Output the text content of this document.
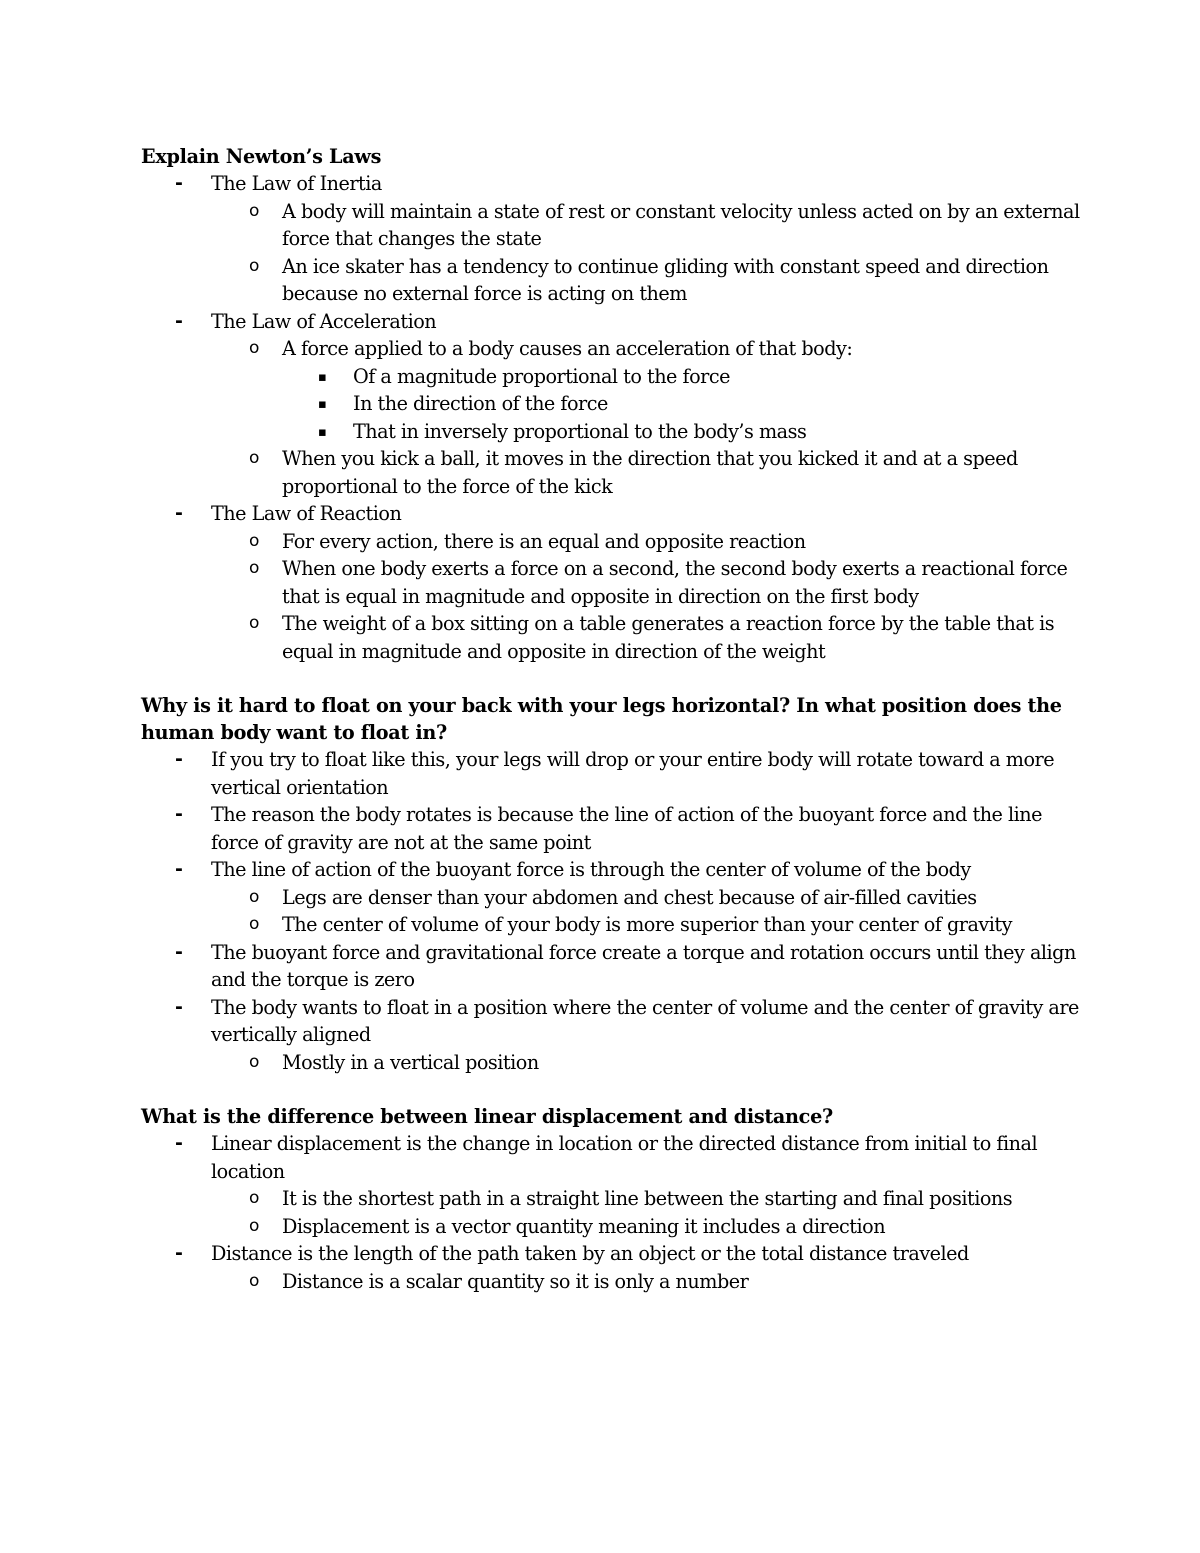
Explain Newton’s Laws

- The Law of Inertia
o A body will maintain a state of rest or constant velocity unless acted on by an external force that changes the state
o An ice skater has a tendency to continue gliding with constant speed and direction because no external force is acting on them
- The Law of Acceleration
o A force applied to a body causes an acceleration of that body:
▪ Of a magnitude proportional to the force
▪ In the direction of the force
▪ That in inversely proportional to the body’s mass
o When you kick a ball, it moves in the direction that you kicked it and at a speed proportional to the force of the kick
- The Law of Reaction
o For every action, there is an equal and opposite reaction
o When one body exerts a force on a second, the second body exerts a reactional force that is equal in magnitude and opposite in direction on the first body
o The weight of a box sitting on a table generates a reaction force by the table that is equal in magnitude and opposite in direction of the weight

Why is it hard to float on your back with your legs horizontal? In what position does the human body want to float in?

- If you try to float like this, your legs will drop or your entire body will rotate toward a more vertical orientation
- The reason the body rotates is because the line of action of the buoyant force and the line force of gravity are not at the same point
- The line of action of the buoyant force is through the center of volume of the body
o Legs are denser than your abdomen and chest because of air-filled cavities
o The center of volume of your body is more superior than your center of gravity
- The buoyant force and gravitational force create a torque and rotation occurs until they align and the torque is zero
- The body wants to float in a position where the center of volume and the center of gravity are vertically aligned
o Mostly in a vertical position

What is the difference between linear displacement and distance?

- Linear displacement is the change in location or the directed distance from initial to final location
o It is the shortest path in a straight line between the starting and final positions
o Displacement is a vector quantity meaning it includes a direction
- Distance is the length of the path taken by an object or the total distance traveled
o Distance is a scalar quantity so it is only a number
